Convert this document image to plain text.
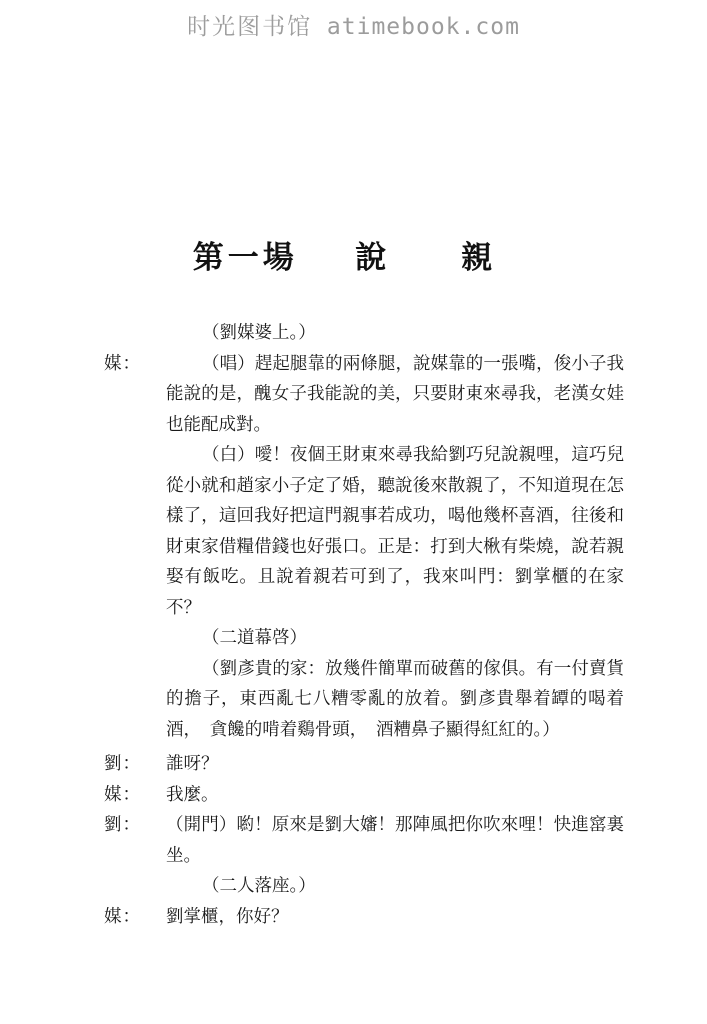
时光图书馆 atimebook.com
第一場 說　親
（劉媒婆上。）
媒：	（唱）趕起腿靠的兩條腿，說媒靠的一張嘴，俊小子我能說的是，醜女子我能說的美，只要財東來尋我，老漢女娃也能配成對。
（白）噯！夜個王財東來尋我給劉巧兒說親哩，這巧兒從小就和趙家小子定了婚，聽說後來散親了，不知道現在怎樣了，這回我好把這門親事若成功，喝他幾杯喜酒，往後和財東家借糧借錢也好張口。正是：打到大楸有柴燒，說若親娶有飯吃。且說着親若可到了，我來叫門：劉掌櫃的在家不？
（二道幕啓）
（劉彥貴的家：放幾件簡單而破舊的傢俱。有一付賣貨的擔子，東西亂七八糟零亂的放着。劉彥貴舉着罈的喝着酒，　貪饞的啃着鷄骨頭，　酒糟鼻子顯得紅紅的。）
劉：	誰呀？
媒：	我麼。
劉：	（開門）喲！原來是劉大嬸！那陣風把你吹來哩！快進窰裏坐。
（二人落座。）
媒：	劉掌櫃，你好？
